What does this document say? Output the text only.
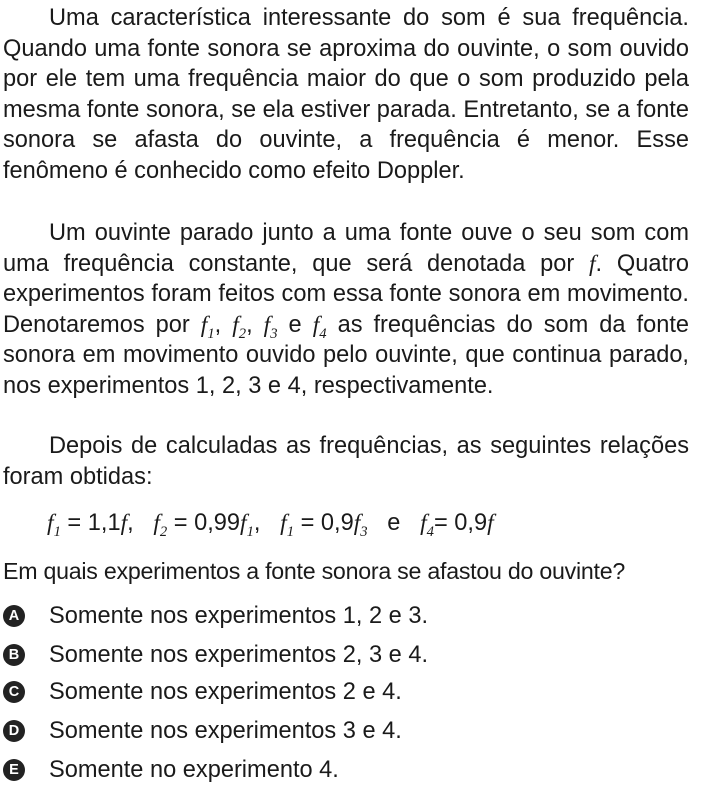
Uma característica interessante do som é sua frequência. Quando uma fonte sonora se aproxima do ouvinte, o som ouvido por ele tem uma frequência maior do que o som produzido pela mesma fonte sonora, se ela estiver parada. Entretanto, se a fonte sonora se afasta do ouvinte, a frequência é menor. Esse fenômeno é conhecido como efeito Doppler.

Um ouvinte parado junto a uma fonte ouve o seu som com uma frequência constante, que será denotada por f. Quatro experimentos foram feitos com essa fonte sonora em movimento. Denotaremos por $f_1$, $f_2$, $f_3$ e $f_4$ as frequências do som da fonte sonora em movimento ouvido pelo ouvinte, que continua parado, nos experimentos 1, 2, 3 e 4, respectivamente.

Depois de calculadas as frequências, as seguintes relações foram obtidas:

$f_1 = 1,1f$, $f_2 = 0,99f_1$, $f_1 = 0,9f_3$ e $f_4= 0,9f$
Em quais experimentos a fonte sonora se afastou do ouvinte?
A Somente nos experimentos 1, 2 e 3.
B Somente nos experimentos 2, 3 e 4.
C Somente nos experimentos 2 e 4.
D Somente nos experimentos 3 e 4.
E Somente no experimento 4.
